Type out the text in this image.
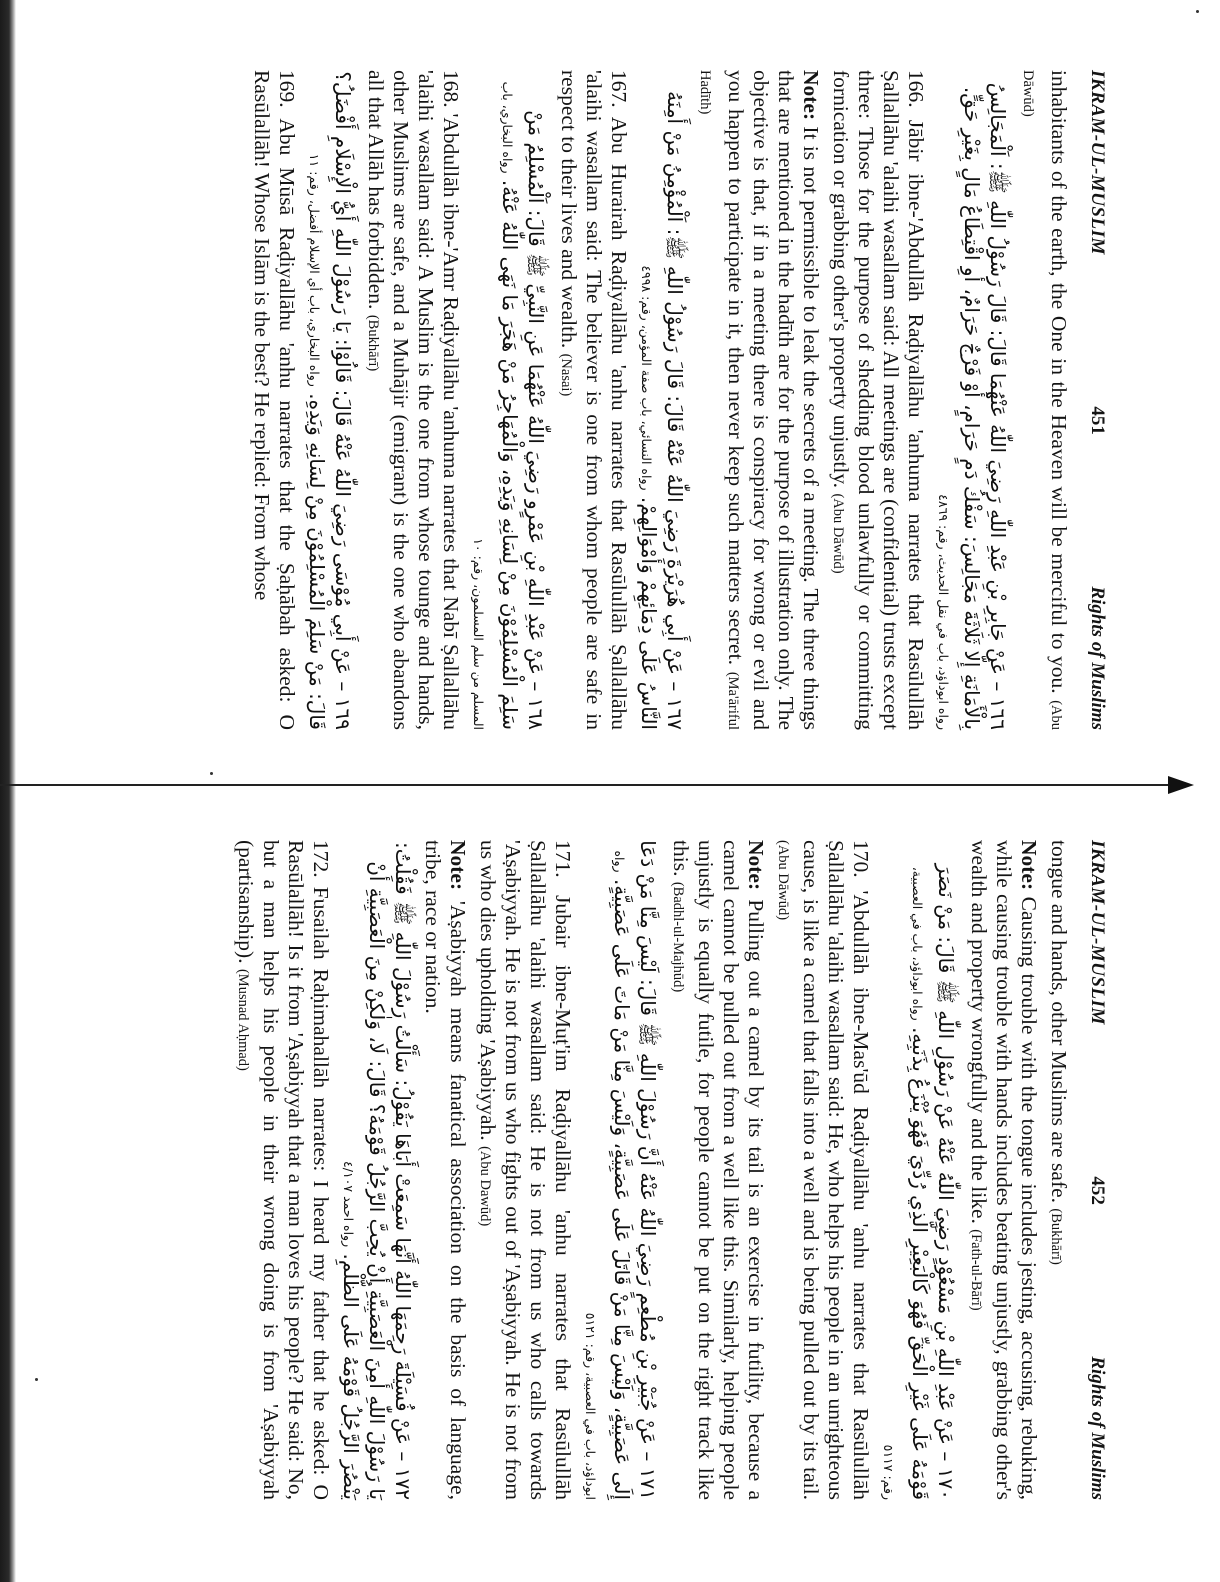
IKRAM-UL-MUSLIM
451
Rights of Muslims

inhabitants of the earth, the One in the Heaven will be merciful to you. (Abu Dāwūd)

١٦٦ – عَنْ جَابِرِ بْنِ عَبْدِ اللّٰهِ رَضِيَ اللّٰهُ عَنْهُمَا قَالَ: قَالَ رَسُوْلُ اللّٰهِ ﷺ: اَلْمَجَالِسُ بِالْأَمَانَةِ إِلَّا ثَلَاثَةَ مَجَالِسَ: سَفْكُ دَمٍ حَرَامٍ، أَوْ فَرْجٌ حَرَامٌ، أَوِ اقْتِطَاعُ مَالٍ بِغَيْرِ حَقٍّ. رواه ابوداؤد، باب في نقل الحديث، رقم: ٤٨٦٩

166. Jābir ibne-'Abdullāh Raḍiyallāhu 'anhuma narrates that Rasūlullāh Ṣallallāhu 'alaihi wasallam said: All meetings are (confidential) trusts except three: Those for the purpose of shedding blood unlawfully or committing fornication or grabbing other's property unjustly. (Abu Dāwūd)

Note: It is not permissible to leak the secrets of a meeting. The three things that are mentioned in the hadīth are for the purpose of illustration only. The objective is that, if in a meeting there is conspiracy for wrong or evil and you happen to participate in it, then never keep such matters secret. (Ma'āriful Hadīth)

١٦٧ – عَنْ أَبِي هُرَيْرَةَ رَضِيَ اللّٰهُ عَنْهُ قَالَ: قَالَ رَسُوْلُ اللّٰهِ ﷺ: اَلْمُؤْمِنُ مَنْ أَمِنَهُ النَّاسُ عَلَى دِمَائِهِمْ وَأَمْوَالِهِمْ. رواه النسائي، باب صفة المؤمن، رقم: ٤٩٩٨

167. Abu Hurairah Raḍiyallāhu 'anhu narrates that Rasūlullāh Ṣallallāhu 'alaihi wasallam said: The believer is one from whom people are safe in respect to their lives and wealth. (Nasai)

١٦٨ – عَنْ عَبْدِ اللّٰهِ بْنِ عَمْرٍو رَضِيَ اللّٰهُ عَنْهُمَا عَنِ النَّبِيِّ ﷺ قَالَ: اَلْمُسْلِمُ مَنْ سَلِمَ الْمُسْلِمُوْنَ مِنْ لِسَانِهِ وَيَدِهِ، وَالْمُهَاجِرُ مَنْ هَجَرَ مَا نَهَى اللّٰهُ عَنْهُ. رواه البخاري، باب المسلم من سلم المسلمون، رقم: ١٠

168. 'Abdullāh ibne-'Amr Raḍiyallāhu 'anhuma narrates that Nabī Ṣallallāhu 'alaihi wasallam said: A Muslim is the one from whose tounge and hands, other Muslims are safe, and a Muhājir (emigrant) is the one who abandons all that Allāh has forbidden. (Bukhārī)

١٦٩ – عَنْ أَبِي مُوْسَى رَضِيَ اللّٰهُ عَنْهُ قَالَ: قَالُوْا: يَا رَسُوْلَ اللّٰهِ أَيُّ الْإِسْلَامِ أَفْضَلُ؟ قَالَ: مَنْ سَلِمَ الْمُسْلِمُوْنَ مِنْ لِسَانِهِ وَيَدِهِ. رواه البخاري، باب أي الإسلام أفضل، رقم: ١١

169. Abu Mūsā Raḍiyallāhu 'anhu narrates that the Ṣaḥābah asked: O Rasūlallāh! Whose Islām is the best? He replied: From whose

IKRAM-UL-MUSLIM
452
Rights of Muslims

tongue and hands, other Muslims are safe. (Bukhārī)

Note: Causing trouble with the tongue includes jesting, accusing, rebuking, while causing trouble with hands includes beating unjustly, grabbing other's wealth and property wrongfully and the like. (Fath-ul-Bārī)

١٧٠ – عَنْ عَبْدِ اللّٰهِ بْنِ مَسْعُوْدٍ رَضِيَ اللّٰهُ عَنْهُ عَنْ رَسُوْلِ اللّٰهِ ﷺ قَالَ: مَنْ نَصَرَ قَوْمَهُ عَلَى غَيْرِ الْحَقِّ فَهُوَ كَالْبَعِيْرِ الَّذِي رُدِّيَ فَهُوَ يُنْزَعُ بِذَنَبِهِ. رواه ابوداؤد، باب في العصبية، رقم: ٥١١٧

170. 'Abdullāh ibne-Mas'ūd Raḍiyallāhu 'anhu narrates that Rasūlullāh Ṣallallāhu 'alaihi wasallam said: He, who helps his people in an unrighteous cause, is like a camel that falls into a well and is being pulled out by its tail. (Abu Dāwūd)

Note: Pulling out a camel by its tail is an exercise in futility, because a camel cannot be pulled out from a well like this. Similarly, helping people unjustly is equally futile, for people cannot be put on the right track like this. (Badhl-ul-Majhūd)

١٧١ – عَنْ جُبَيْرِ بْنِ مُطْعِمٍ رَضِيَ اللّٰهُ عَنْهُ أَنَّ رَسُوْلَ اللّٰهِ ﷺ قَالَ: لَيْسَ مِنَّا مَنْ دَعَا إِلَى عَصَبِيَّةٍ، وَلَيْسَ مِنَّا مَنْ قَاتَلَ عَلَى عَصَبِيَّةٍ، وَلَيْسَ مِنَّا مَنْ مَاتَ عَلَى عَصَبِيَّةٍ. رواه ابوداؤد، باب في العصبية، رقم: ٥١٢١

171. Jubair ibne-Muṭ'im Raḍiyallāhu 'anhu narrates that Rasūlullāh Ṣallallāhu 'alaihi wasallam said: He is not from us who calls towards 'Aṣabiyyah. He is not from us who fights out of 'Aṣabiyyah. He is not from us who dies upholding 'Aṣabiyyah. (Abu Dawūd)

Note: 'Aṣabiyyah means fanatical association on the basis of language, tribe, race or nation.

١٧٢ – عَنْ فُسَيْلَةَ رَحِمَهَا اللّٰهُ أَنَّهَا سَمِعَتْ أَبَاهَا يَقُوْلُ: سَأَلْتُ رَسُوْلَ اللّٰهِ ﷺ فَقُلْتُ: يَا رَسُوْلَ اللّٰهِ أَمِنَ الْعَصَبِيَّةِ أَنْ يُحِبَّ الرَّجُلُ قَوْمَهُ؟ قَالَ: لَا، وَلٰكِنْ مِنَ الْعَصَبِيَّةِ أَنْ يَنْصُرَ الرَّجُلُ قَوْمَهُ عَلَى الظُّلْمِ. رواه احمد ٤/١٠٧

172. Fusailah Raḥimahallāh narrates: I heard my father that he asked: O Rasūlallāh! Is it from 'Aṣabiyyah that a man loves his people? He said: No, but a man helps his people in their wrong doing is from 'Aṣabiyyah (partisanship). (Musnad Aḥmad)
